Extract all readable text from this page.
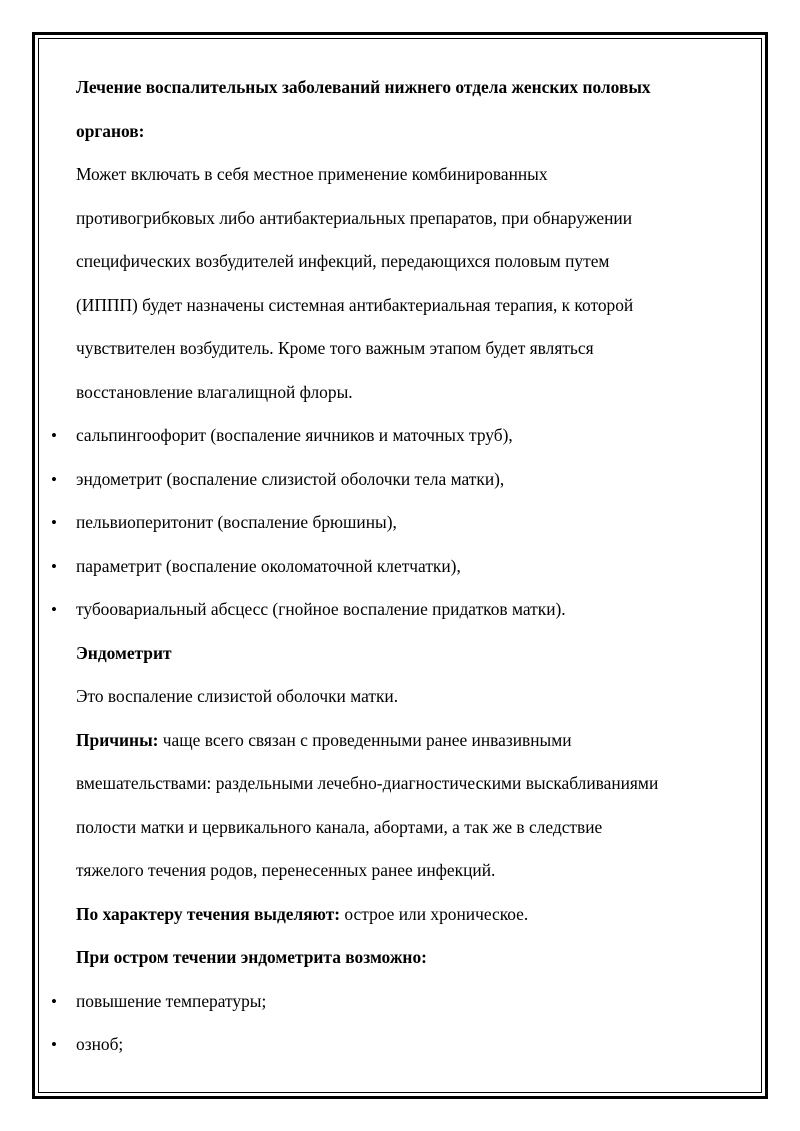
Лечение воспалительных заболеваний нижнего отдела женских половых
органов:
Может включать в себя местное применение комбинированных
противогрибковых либо антибактериальных препаратов, при обнаружении
специфических возбудителей инфекций, передающихся половым путем
(ИППП) будет назначены системная антибактериальная терапия, к которой
чувствителен возбудитель. Кроме того важным этапом будет являться
восстановление влагалищной флоры.
• сальпингоофорит (воспаление яичников и маточных труб),
• эндометрит (воспаление слизистой оболочки тела матки),
• пельвиоперитонит (воспаление брюшины),
• параметрит (воспаление околоматочной клетчатки),
• тубоовариальный абсцесс (гнойное воспаление придатков матки).
Эндометрит
Это воспаление слизистой оболочки матки.
Причины: чаще всего связан с проведенными ранее инвазивными
вмешательствами: раздельными лечебно-диагностическими выскабливаниями
полости матки и цервикального канала, абортами, а так же в следствие
тяжелого течения родов, перенесенных ранее инфекций.
По характеру течения выделяют: острое или хроническое.
При остром течении эндометрита возможно:
• повышение температуры;
• озноб;
